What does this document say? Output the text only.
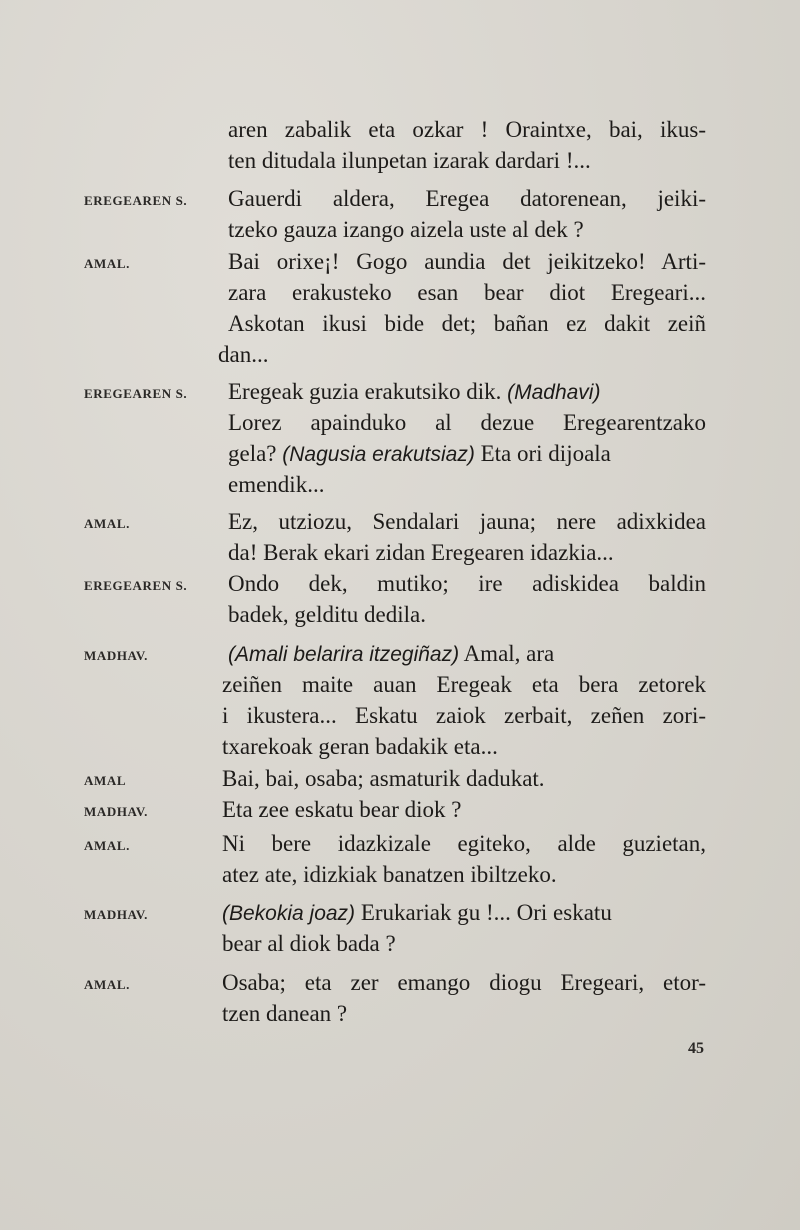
aren zabalik eta ozkar ! Oraintxe, bai, ikus-
ten ditudala ilunpetan izarak dardari !...
EREGEAREN S. Gauerdi aldera, Eregea datorenean, jeiki-
tzeko gauza izango aizela uste al dek ?
AMAL.	Bai orixe¡! Gogo aundia det jeikitzeko! Arti-
zara erakusteko esan bear diot Eregeari...
Askotan ikusi bide det; bañan ez dakit zeiñ
dan...
EREGEAREN S. Eregeak guzia erakutsiko dik. (Madhavi)
Lorez apainduko al dezue Eregearentzako
gela? (Nagusia erakutsiaz) Eta ori dijoala
emendik...
AMAL.	Ez, utziozu, Sendalari jauna; nere adixkidea
da! Berak ekari zidan Eregearen idazkia...
EREGEAREN S. Ondo dek, mutiko; ire adiskidea baldin
badek, gelditu dedila.
MADHAV.	(Amali belarira itzegiñaz) Amal, ara
zeiñen maite auan Eregeak eta bera zetorek
i ikustera... Eskatu zaiok zerbait, zeñen zori-
txarekoak geran badakik eta...
AMAL	Bai, bai, osaba; asmaturik dadukat.
MADHAV.	Eta zee eskatu bear diok ?
AMAL.	Ni bere idazkizale egiteko, alde guzietan,
atez ate, idizkiak banatzen ibiltzeko.
MADHAV.	(Bekokia joaz) Erukariak gu !... Ori eskatu
bear al diok bada ?
AMAL.	Osaba; eta zer emango diogu Eregeari, etor-
tzen danean ?
45
